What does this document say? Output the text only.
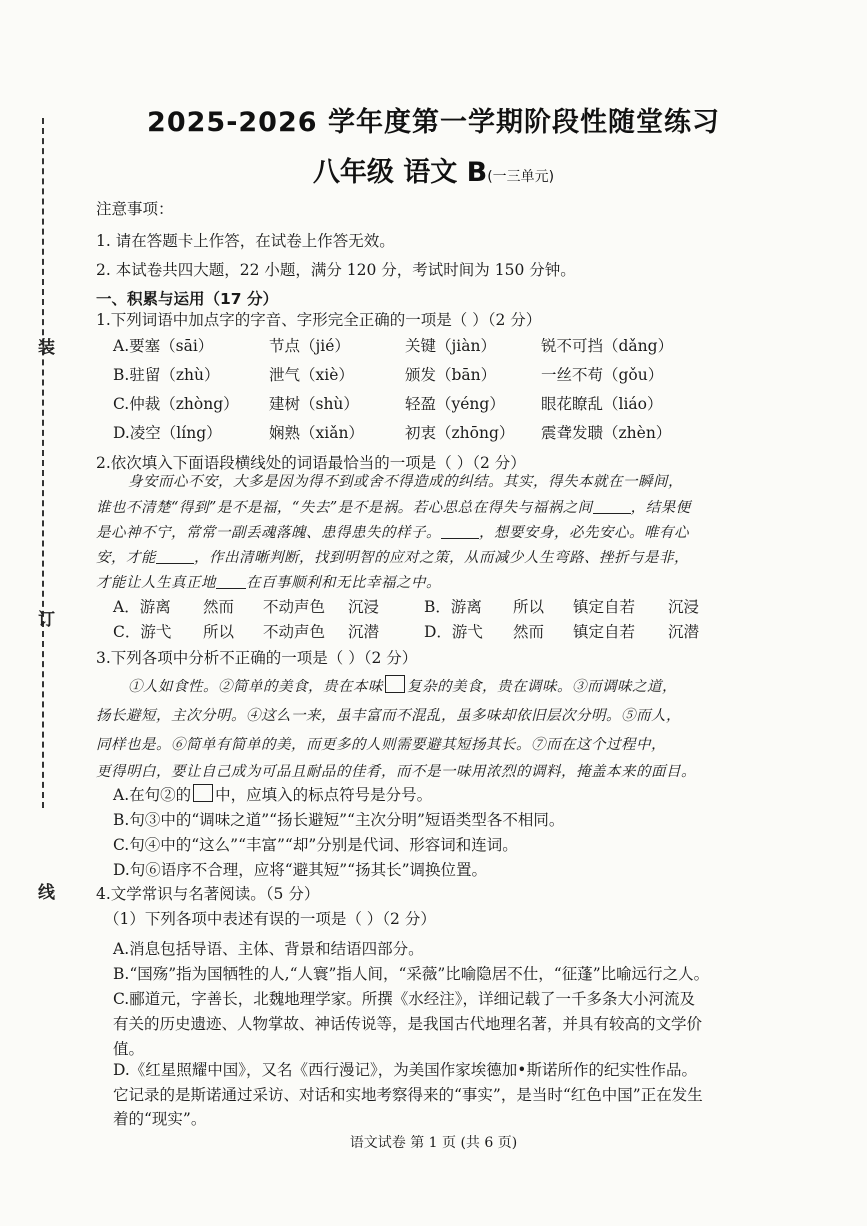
装
订
线
2025-2026 学年度第一学期阶段性随堂练习
八年级 语文 B(一三单元)
注意事项：
1. 请在答题卡上作答，在试卷上作答无效。
2. 本试卷共四大题，22 小题，满分 120 分，考试时间为 150 分钟。
一、积累与运用（17 分）
1.下列词语中加点字的字音、字形完全正确的一项是（ ）（2 分）
A.要塞（sāi）	节点（jié）	关键（jiàn）	锐不可挡（dǎng）
B.驻留（zhù）	泄气（xiè）	颁发（bān）	一丝不苟（gǒu）
C.仲裁（zhòng） 建树（shù）	轻盈（yéng） 眼花瞭乱（liáo）
D.凌空（líng）	娴熟（xiǎn）	初衷（zhōng） 震聋发聩（zhèn）
2.依次填入下面语段横线处的词语最恰当的一项是（ ）（2 分）
身安而心不安，大多是因为得不到或舍不得造成的纠结。其实，得失本就在一瞬间，
谁也不清楚“得到”是不是福，“失去”是不是祸。若心思总在得失与福祸之间	，结果便
是心神不宁，常常一副丢魂落魄、患得患失的样子。	，想要安身，必先安心。唯有心
安，才能	，作出清晰判断，找到明智的应对之策，从而减少人生弯路、挫折与是非，
才能让人生真正地 在百事顺利和无比幸福之中。
A．游离 然而 不动声色 沉浸	B．游离 所以 镇定自若 沉浸
C．游弋 所以 不动声色 沉潜	D．游弋 然而 镇定自若 沉潜
3.下列各项中分析不正确的一项是（ ）（2 分）
①人如食性。②简单的美食，贵在本味 复杂的美食，贵在调味。③而调味之道，
扬长避短，主次分明。④这么一来，虽丰富而不混乱，虽多味却依旧层次分明。⑤而人，
同样也是。⑥简单有简单的美，而更多的人则需要避其短扬其长。⑦而在这个过程中，
更得明白，要让自己成为可品且耐品的佳肴，而不是一味用浓烈的调料，掩盖本来的面目。
A.在句②的 中，应填入的标点符号是分号。
B.句③中的“调味之道”“扬长避短”“主次分明”短语类型各不相同。
C.句④中的“这么”“丰富”“却”分别是代词、形容词和连词。
D.句⑥语序不合理，应将“避其短”“扬其长”调换位置。
4.文学常识与名著阅读。（5 分）
（1）下列各项中表述有误的一项是（ ）（2 分）
A.消息包括导语、主体、背景和结语四部分。
B.“国殇”指为国牺牲的人,“人寰”指人间，“采薇”比喻隐居不仕，“征蓬”比喻远行之人。
C.郦道元，字善长，北魏地理学家。所撰《水经注》，详细记载了一千多条大小河流及
有关的历史遗迹、人物掌故、神话传说等，是我国古代地理名著，并具有较高的文学价
值。
D.《红星照耀中国》，又名《西行漫记》，为美国作家埃德加•斯诺所作的纪实性作品。
它记录的是斯诺通过采访、对话和实地考察得来的“事实”，是当时“红色中国”正在发生
着的“现实”。
语文试卷 第 1 页 (共 6 页)
